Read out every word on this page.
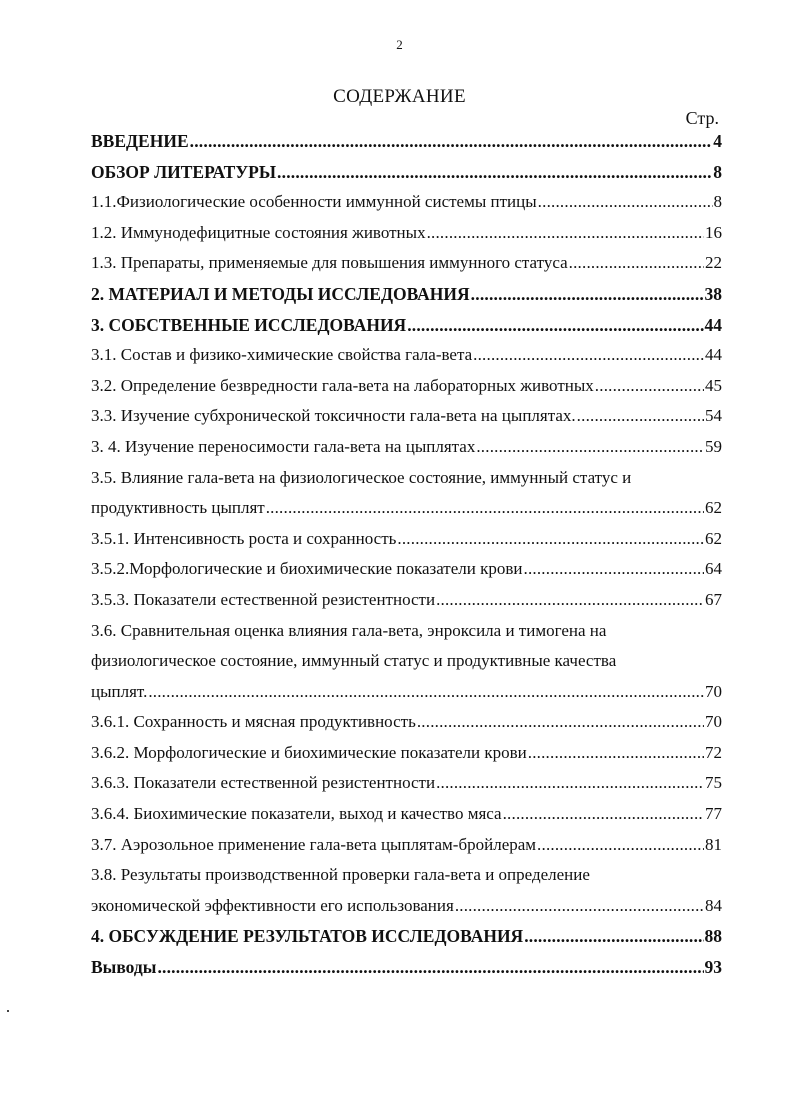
2
СОДЕРЖАНИЕ
Стр.
ВВЕДЕНИЕ .....	4
ОБЗОР ЛИТЕРАТУРЫ .....	8
1.1.Физиологические особенности иммунной системы птицы .....	8
1.2. Иммунодефицитные состояния животных .....	16
1.3. Препараты, применяемые для повышения иммунного статуса .....	22
2. МАТЕРИАЛ И МЕТОДЫ ИССЛЕДОВАНИЯ .....	38
3. СОБСТВЕННЫЕ ИССЛЕДОВАНИЯ .....	44
3.1. Состав и физико-химические свойства гала-вета .....	44
3.2. Определение безвредности гала-вета на лабораторных животных .....	45
3.3. Изучение субхронической токсичности гала-вета на цыплятах. .....	54
3. 4. Изучение переносимости гала-вета на цыплятах .....	59
3.5. Влияние гала-вета на физиологическое состояние, иммунный статус и
продуктивность цыплят .....	62
3.5.1. Интенсивность роста и сохранность .....	62
3.5.2.Морфологические и биохимические показатели крови .....	64
3.5.3. Показатели естественной резистентности .....	67
3.6. Сравнительная оценка влияния гала-вета, энроксила и тимогена на
физиологическое состояние, иммунный статус и продуктивные качества
цыплят. .....	70
3.6.1. Сохранность и мясная продуктивность .....	70
3.6.2. Морфологические и биохимические показатели крови .....	72
3.6.3. Показатели естественной резистентности .....	75
3.6.4. Биохимические показатели, выход и качество мяса .....	77
3.7. Аэрозольное применение гала-вета цыплятам-бройлерам .....	81
3.8. Результаты производственной проверки гала-вета и определение
экономической эффективности его использования .....	84
4. ОБСУЖДЕНИЕ РЕЗУЛЬТАТОВ ИССЛЕДОВАНИЯ .....	88
Выводы .....	93
